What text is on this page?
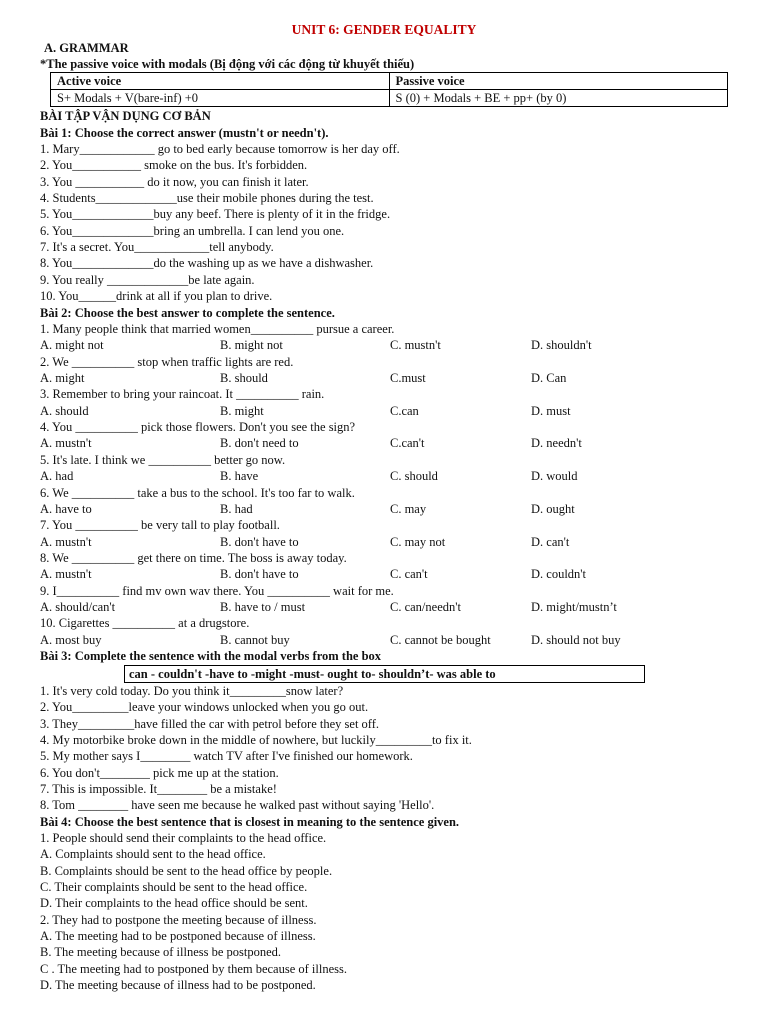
UNIT 6: GENDER EQUALITY
A. GRAMMAR
*The passive voice with modals (Bị động với các động từ khuyết thiếu)
Active voice	Passive voice
S+ Modals + V(bare-inf) +0	S (0) + Modals + BE + pp+ (by 0)
BÀI TẬP VẬN DỤNG CƠ BẢN
Bài 1: Choose the correct answer (mustn't or needn't).
1. Mary____________ go to bed early because tomorrow is her day off.
2. You___________ smoke on the bus. It's forbidden.
3. You ___________ do it now, you can finish it later.
4. Students_____________use their mobile phones during the test.
5. You_____________buy any beef. There is plenty of it in the fridge.
6. You_____________bring an umbrella. I can lend you one.
7. It's a secret. You____________tell anybody.
8. You_____________do the washing up as we have a dishwasher.
9. You really _____________be late again.
10. You______drink at all if you plan to drive.
Bài 2: Choose the best answer to complete the sentence.
1. Many people think that married women__________ pursue a career.
A. might not	B. might not	C. mustn't	D. shouldn't
2. We __________ stop when traffic lights are red.
A. might	B. should	C.must	D. Can
3. Remember to bring your raincoat. It __________ rain.
A. should	B. might	C.can	D. must
4. You __________ pick those flowers. Don't you see the sign?
A. mustn't	B. don't need to	C.can't	D. needn't
5. It's late. I think we __________ better go now.
A. had	B. have	C. should	D. would
6. We __________ take a bus to the school. It's too far to walk.
A. have to	B. had	C. may	D. ought
7. You __________ be very tall to play football.
A. mustn't	B. don't have to	C. may not	D. can't
8. We __________ get there on time. The boss is away today.
A. mustn't	B. don't have to	C. can't	D. couldn't
9. I__________ find mv own wav there. You __________ wait for me.
A. should/can't	B. have to / must	C. can/needn't	D. might/mustn’t
10. Cigarettes __________ at a drugstore.
A. most buy	B. cannot buy	C. cannot be bought	D. should not buy
Bài 3: Complete the sentence with the modal verbs from the box
can - couldn't -have to -might -must- ought to- shouldn’t- was able to
1. It's very cold today. Do you think it_________snow later?
2. You_________leave your windows unlocked when you go out.
3. They_________have filled the car with petrol before they set off.
4. My motorbike broke down in the middle of nowhere, but luckily_________to fix it.
5. My mother says I________ watch TV after I've finished our homework.
6. You don't________ pick me up at the station.
7. This is impossible. It________ be a mistake!
8. Tom ________ have seen me because he walked past without saying 'Hello'.
Bài 4: Choose the best sentence that is closest in meaning to the sentence given.
1. People should send their complaints to the head office.
A. Complaints should sent to the head office.
B. Complaints should be sent to the head office by people.
C. Their complaints should be sent to the head office.
D. Their complaints to the head office should be sent.
2. They had to postpone the meeting because of illness.
A. The meeting had to be postponed because of illness.
B. The meeting because of illness be postponed.
C . The meeting had to postponed by them because of illness.
D. The meeting because of illness had to be postponed.
